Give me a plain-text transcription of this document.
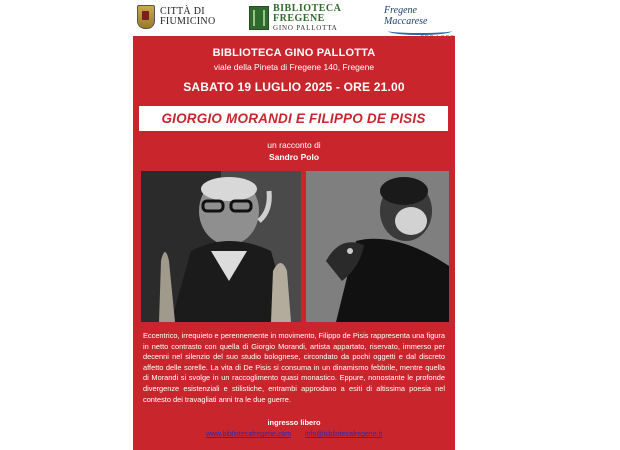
CITTÀ DI
FIUMICINO
BIBLIOTECA
FREGENE
GINO PALLOTTA
Fregene Maccarese
BIBLIOTECA GINO PALLOTTA
viale della Pineta di Fregene 140, Fregene
SABATO 19 LUGLIO 2025 - ORE 21.00
GIORGIO MORANDI E FILIPPO DE PISIS
un racconto di
Sandro Polo
Eccentrico, irrequieto e perennemente in movimento, Filippo de Pisis rappresenta una figura in netto contrasto con quella di Giorgio Morandi, artista appartato, riservato, immerso per decenni nel silenzio del suo studio bolognese, circondato da pochi oggetti e dal discreto affetto delle sorelle. La vita di De Pisis si consuma in un dinamismo febbrile, mentre quella di Morandi si svolge in un raccoglimento quasi monastico. Eppure, nonostante le profonde divergenze esistenziali e stilistiche, entrambi approdano a esiti di altissima poesia nel contesto dei travagliati anni tra le due guerre.
ingresso libero
www.bibliotecafregene.com info@bibliotecafregene.it
